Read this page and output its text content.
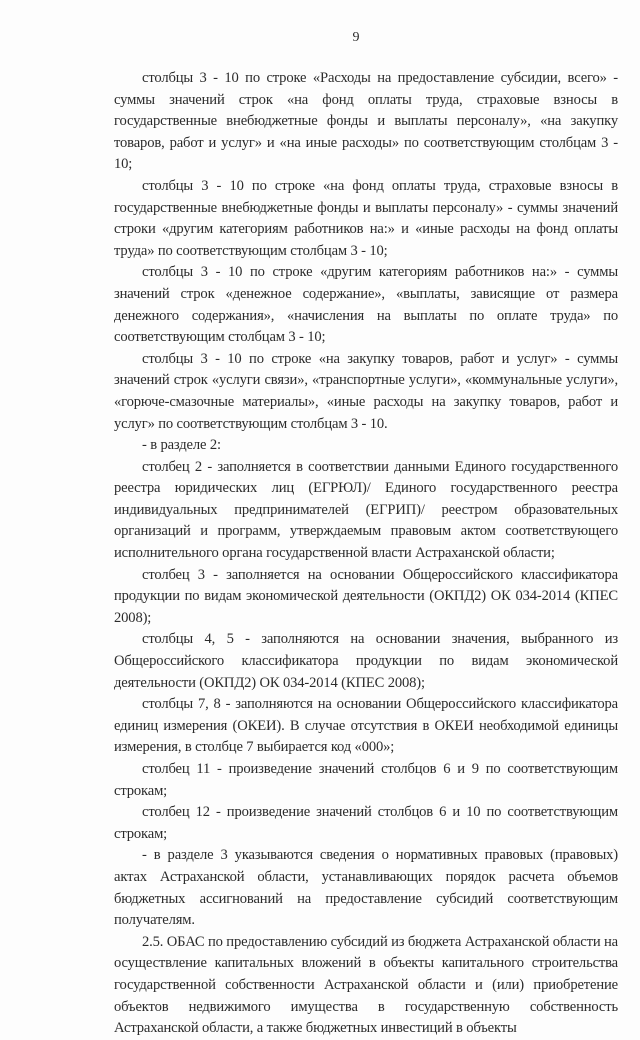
9

столбцы 3 - 10 по строке «Расходы на предоставление субсидии, всего» - суммы значений строк «на фонд оплаты труда, страховые взносы в государственные внебюджетные фонды и выплаты персоналу», «на закупку товаров, работ и услуг» и «на иные расходы» по соответствующим столбцам 3 - 10;

столбцы 3 - 10 по строке «на фонд оплаты труда, страховые взносы в государственные внебюджетные фонды и выплаты персоналу» - суммы значений строки «другим категориям работников на:» и «иные расходы на фонд оплаты труда» по соответствующим столбцам 3 - 10;

столбцы 3 - 10 по строке «другим категориям работников на:» - суммы значений строк «денежное содержание», «выплаты, зависящие от размера денежного содержания», «начисления на выплаты по оплате труда» по соответствующим столбцам 3 - 10;

столбцы 3 - 10 по строке «на закупку товаров, работ и услуг» - суммы значений строк «услуги связи», «транспортные услуги», «коммунальные услуги», «горюче-смазочные материалы», «иные расходы на закупку товаров, работ и услуг» по соответствующим столбцам 3 - 10.

- в разделе 2:

столбец 2 - заполняется в соответствии данными Единого государственного реестра юридических лиц (ЕГРЮЛ)/ Единого государственного реестра индивидуальных предпринимателей (ЕГРИП)/ реестром образовательных организаций и программ, утверждаемым правовым актом соответствующего исполнительного органа государственной власти Астраханской области;

столбец 3 - заполняется на основании Общероссийского классификатора продукции по видам экономической деятельности (ОКПД2) ОК 034-2014 (КПЕС 2008);

столбцы 4, 5 - заполняются на основании значения, выбранного из Общероссийского классификатора продукции по видам экономической деятельности (ОКПД2) ОК 034-2014 (КПЕС 2008);

столбцы 7, 8 - заполняются на основании Общероссийского классификатора единиц измерения (ОКЕИ). В случае отсутствия в ОКЕИ необходимой единицы измерения, в столбце 7 выбирается код «000»;

столбец 11 - произведение значений столбцов 6 и 9 по соответствующим строкам;

столбец 12 - произведение значений столбцов 6 и 10 по соответствующим строкам;

- в разделе 3 указываются сведения о нормативных правовых (правовых) актах Астраханской области, устанавливающих порядок расчета объемов бюджетных ассигнований на предоставление субсидий соответствующим получателям.

2.5. ОБАС по предоставлению субсидий из бюджета Астраханской области на осуществление капитальных вложений в объекты капитального строительства государственной собственности Астраханской области и (или) приобретение объектов недвижимого имущества в государственную собственность Астраханской области, а также бюджетных инвестиций в объекты
